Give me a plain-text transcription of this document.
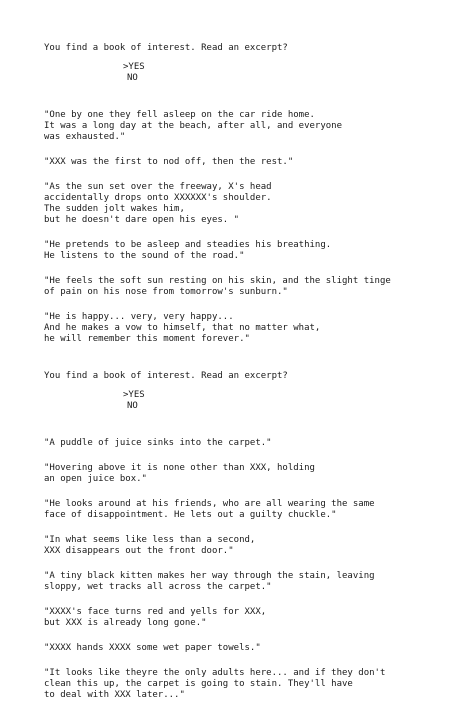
You find a book of interest. Read an excerpt?
>YES
NO
"One by one they fell asleep on the car ride home.
It was a long day at the beach, after all, and everyone
was exhausted."
"XXX was the first to nod off, then the rest."
"As the sun set over the freeway, X's head
accidentally drops onto XXXXXX's shoulder.
The sudden jolt wakes him,
but he doesn't dare open his eyes. "
"He pretends to be asleep and steadies his breathing.
He listens to the sound of the road."
"He feels the soft sun resting on his skin, and the slight tinge
of pain on his nose from tomorrow's sunburn."
"He is happy... very, very happy...
And he makes a vow to himself, that no matter what,
he will remember this moment forever."
You find a book of interest. Read an excerpt?
>YES
NO
"A puddle of juice sinks into the carpet."
"Hovering above it is none other than XXX, holding
an open juice box."
"He looks around at his friends, who are all wearing the same
face of disappointment. He lets out a guilty chuckle."
"In what seems like less than a second,
XXX disappears out the front door."
"A tiny black kitten makes her way through the stain, leaving
sloppy, wet tracks all across the carpet."
"XXXX's face turns red and yells for XXX,
but XXX is already long gone."
"XXXX hands XXXX some wet paper towels."
"It looks like theyre the only adults here... and if they don't
clean this up, the carpet is going to stain. They'll have
to deal with XXX later..."
